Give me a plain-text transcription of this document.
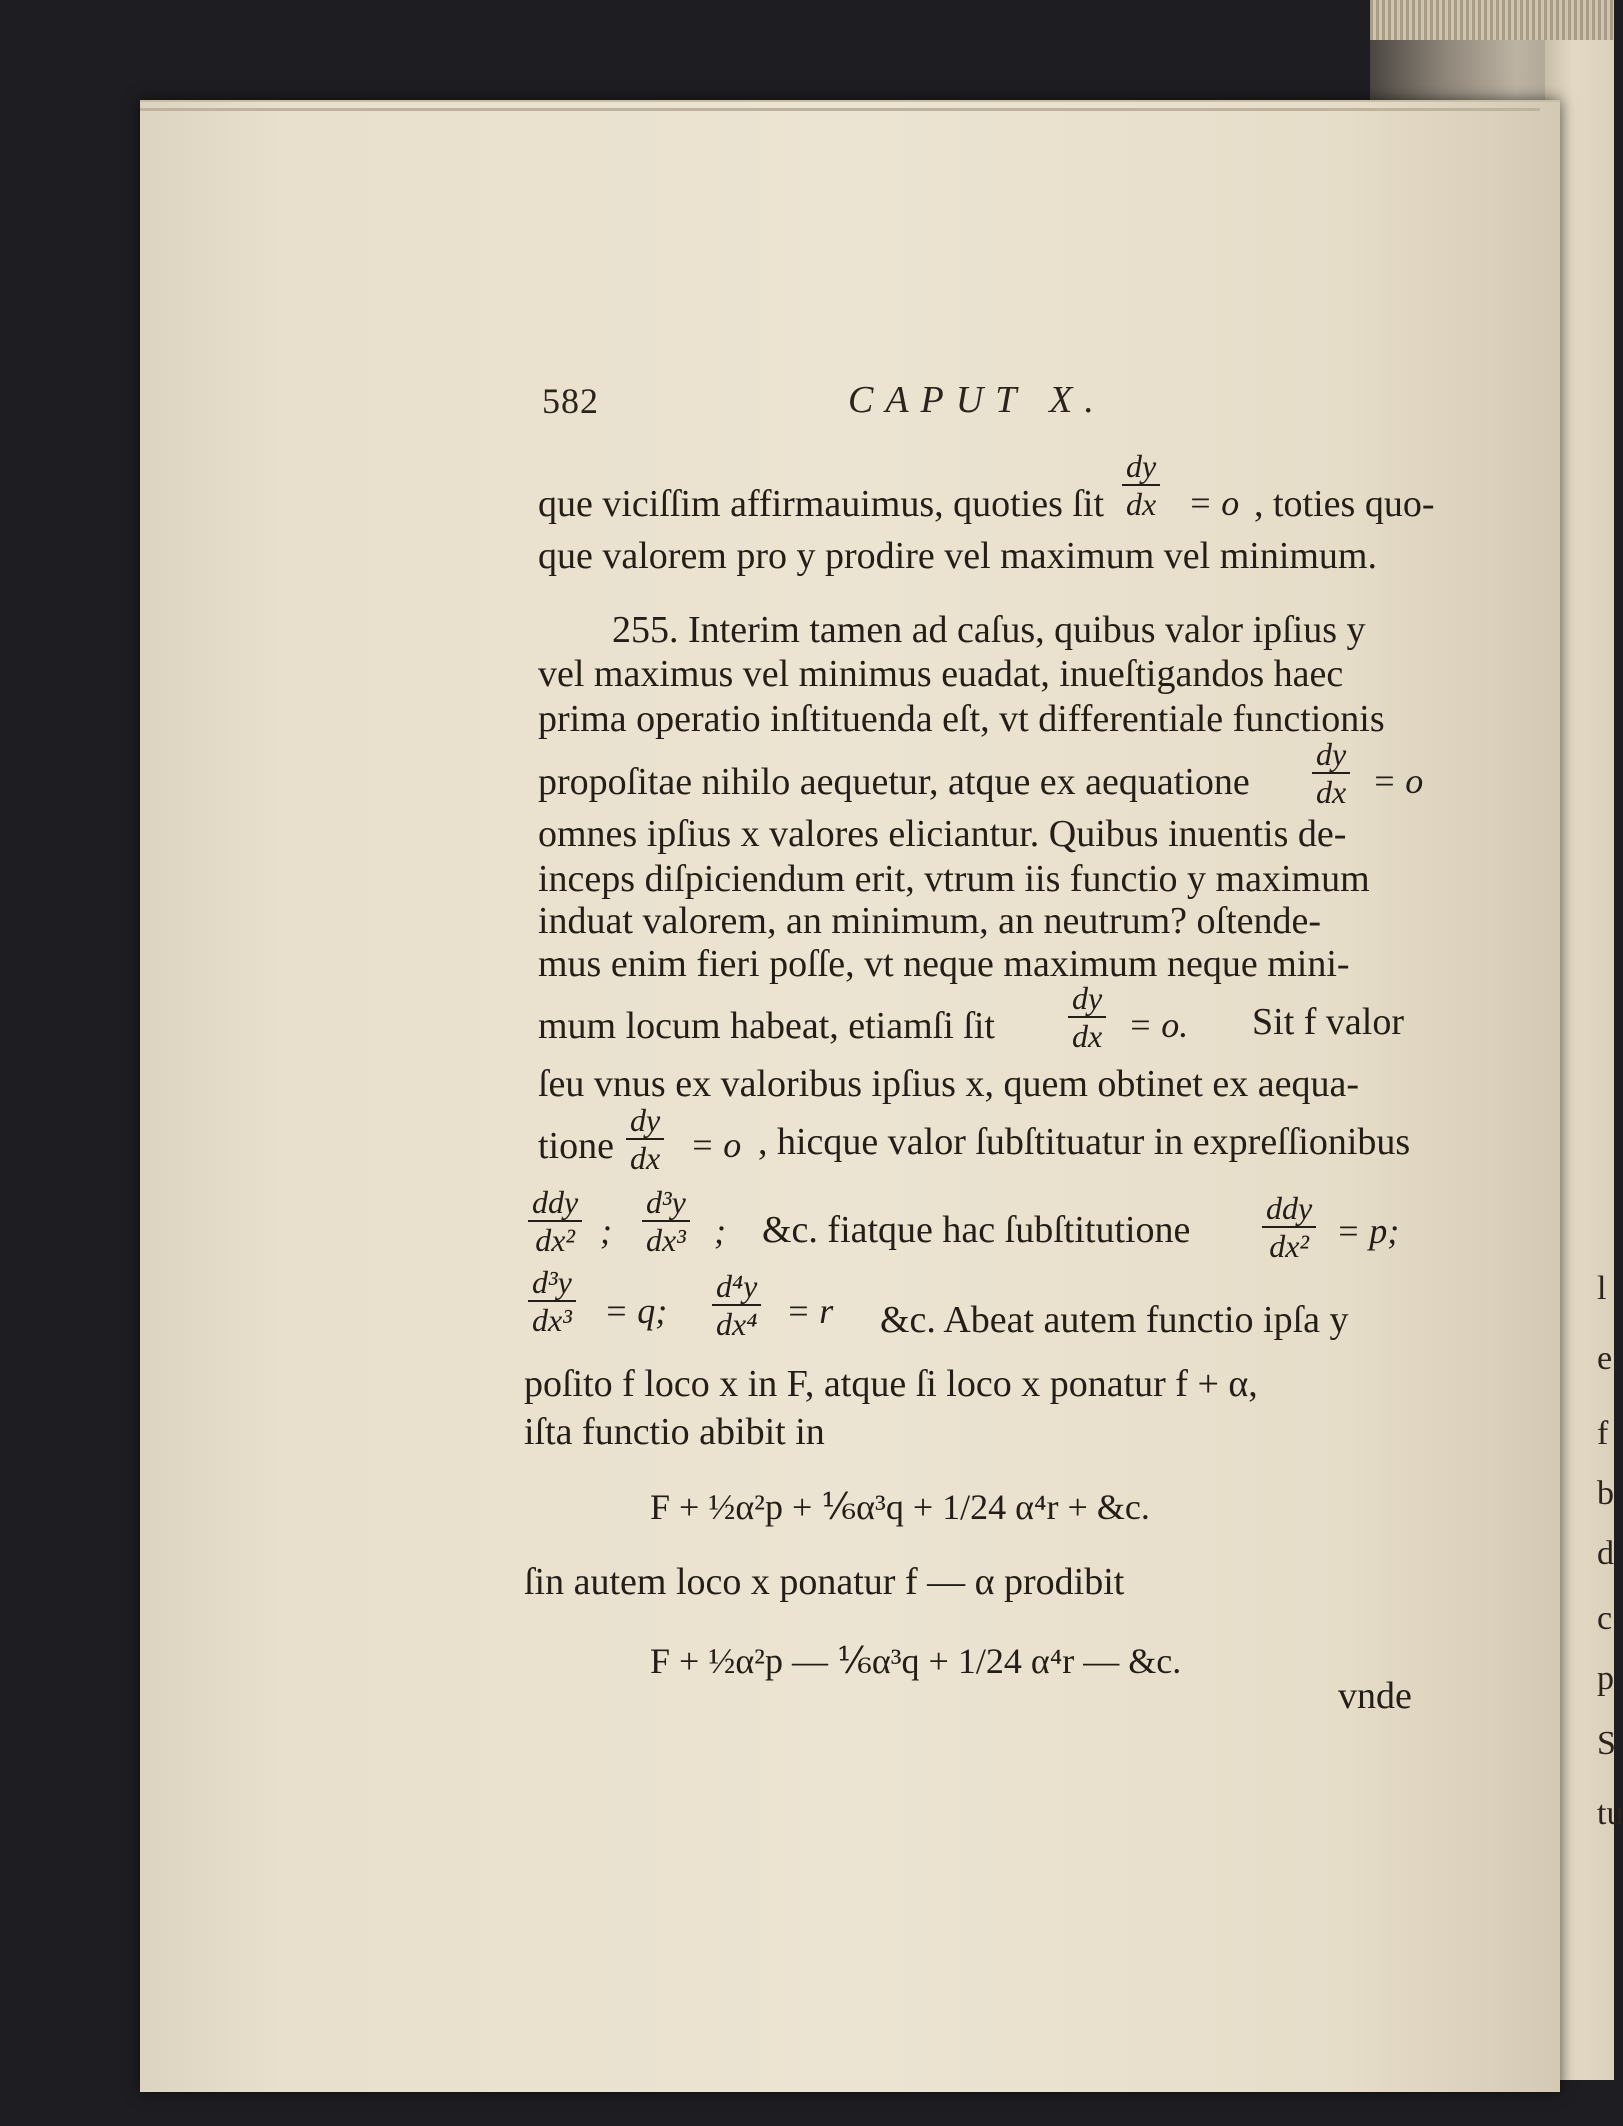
l
e
f
b
d
c
p
S
tu
582	CAPUT X.
que viciſſim affirmauimus, quoties ſit
dy
dx = o , toties quo-
que valorem pro y prodire vel maximum vel minimum.
255. Interim tamen ad caſus, quibus valor ipſius y
vel maximus vel minimus euadat, inueſtigandos haec
prima operatio inſtituenda eſt, vt differentiale functionis
propoſitae nihilo aequetur, atque ex aequatione
dy
dx = o
omnes ipſius x valores eliciantur. Quibus inuentis de-
inceps diſpiciendum erit, vtrum iis functio y maximum
induat valorem, an minimum, an neutrum? oſtende-
mus enim fieri poſſe, vt neque maximum neque mini-
mum locum habeat, etiamſi ſit
dy
dx = o. Sit f valor
ſeu vnus ex valoribus ipſius x, quem obtinet ex aequa-
tione
dy
dx = o , hicque valor ſubſtituatur in expreſſionibus
ddy
dx² ;
d³y
dx³ ; &c. fiatque hac ſubſtitutione
ddy
dx² = p;
d³y
dx³ = q;
d⁴y
dx⁴ = r &c. Abeat autem functio ipſa y
poſito f loco x in F, atque ſi loco x ponatur f + α,
iſta functio abibit in
F + ½α²p + ⅙α³q + 1/24 α⁴r + &c.
ſin autem loco x ponatur f — α prodibit
F + ½α²p — ⅙α³q + 1/24 α⁴r — &c.
vnde
